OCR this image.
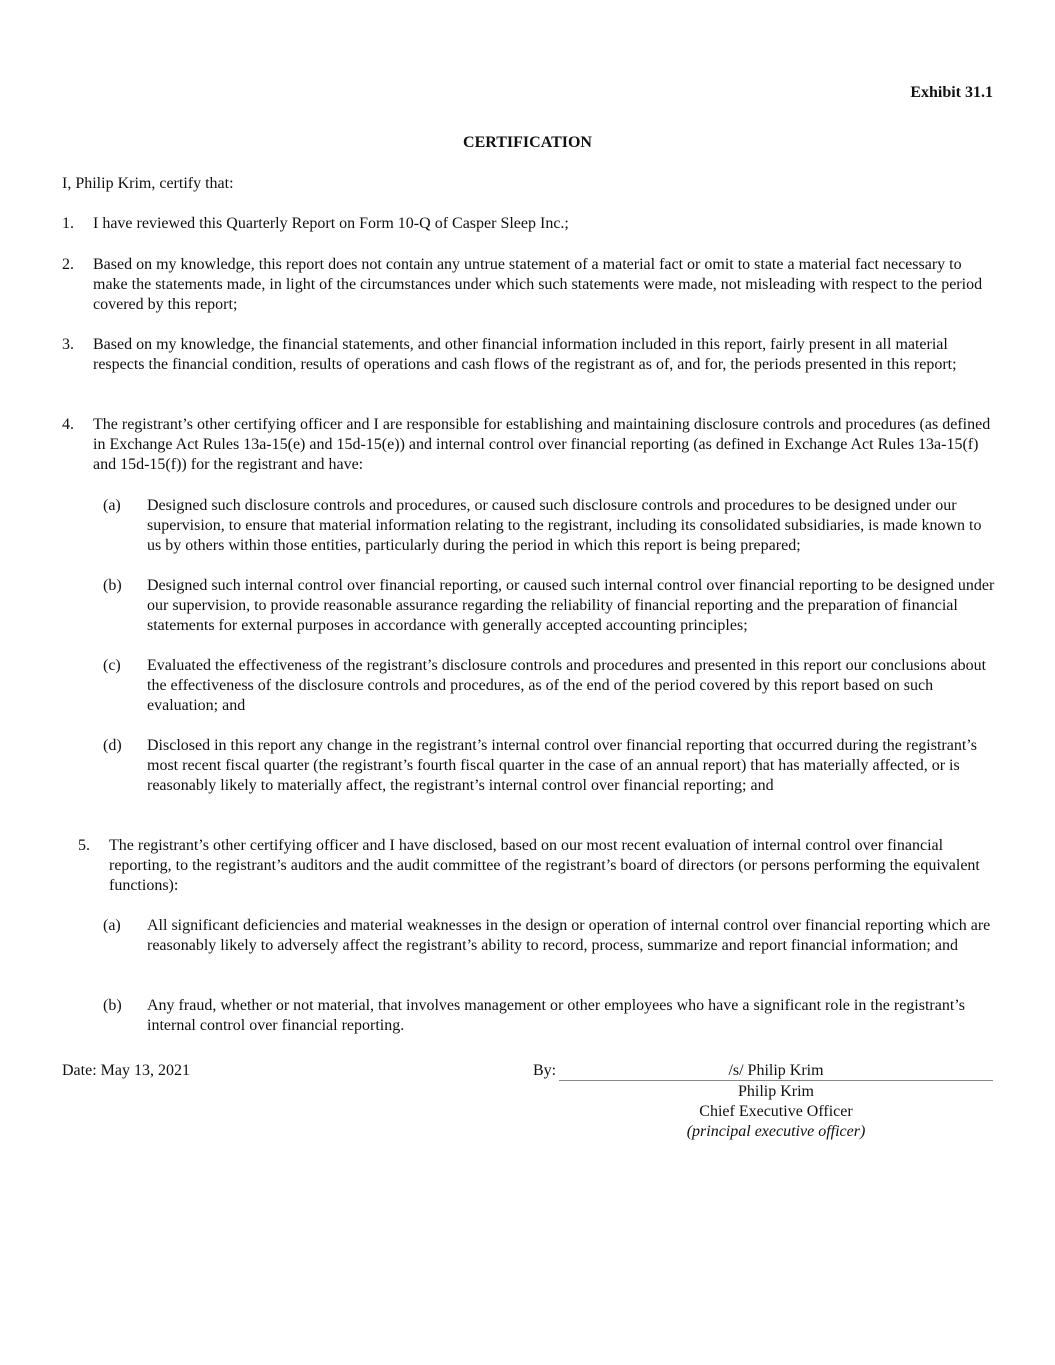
Exhibit 31.1
CERTIFICATION
I, Philip Krim, certify that:
1. I have reviewed this Quarterly Report on Form 10-Q of Casper Sleep Inc.;
2. Based on my knowledge, this report does not contain any untrue statement of a material fact or omit to state a material fact necessary to make the statements made, in light of the circumstances under which such statements were made, not misleading with respect to the period covered by this report;
3. Based on my knowledge, the financial statements, and other financial information included in this report, fairly present in all material respects the financial condition, results of operations and cash flows of the registrant as of, and for, the periods presented in this report;
4. The registrant’s other certifying officer and I are responsible for establishing and maintaining disclosure controls and procedures (as defined in Exchange Act Rules 13a-15(e) and 15d-15(e)) and internal control over financial reporting (as defined in Exchange Act Rules 13a-15(f) and 15d-15(f)) for the registrant and have:
(a) Designed such disclosure controls and procedures, or caused such disclosure controls and procedures to be designed under our supervision, to ensure that material information relating to the registrant, including its consolidated subsidiaries, is made known to us by others within those entities, particularly during the period in which this report is being prepared;
(b) Designed such internal control over financial reporting, or caused such internal control over financial reporting to be designed under our supervision, to provide reasonable assurance regarding the reliability of financial reporting and the preparation of financial statements for external purposes in accordance with generally accepted accounting principles;
(c) Evaluated the effectiveness of the registrant’s disclosure controls and procedures and presented in this report our conclusions about the effectiveness of the disclosure controls and procedures, as of the end of the period covered by this report based on such evaluation; and
(d) Disclosed in this report any change in the registrant’s internal control over financial reporting that occurred during the registrant’s most recent fiscal quarter (the registrant’s fourth fiscal quarter in the case of an annual report) that has materially affected, or is reasonably likely to materially affect, the registrant’s internal control over financial reporting; and
5. The registrant’s other certifying officer and I have disclosed, based on our most recent evaluation of internal control over financial reporting, to the registrant’s auditors and the audit committee of the registrant’s board of directors (or persons performing the equivalent functions):
(a) All significant deficiencies and material weaknesses in the design or operation of internal control over financial reporting which are reasonably likely to adversely affect the registrant’s ability to record, process, summarize and report financial information; and
(b) Any fraud, whether or not material, that involves management or other employees who have a significant role in the registrant’s internal control over financial reporting.
Date: May 13, 2021	By:	/s/ Philip Krim
Philip Krim
Chief Executive Officer
(principal executive officer)
